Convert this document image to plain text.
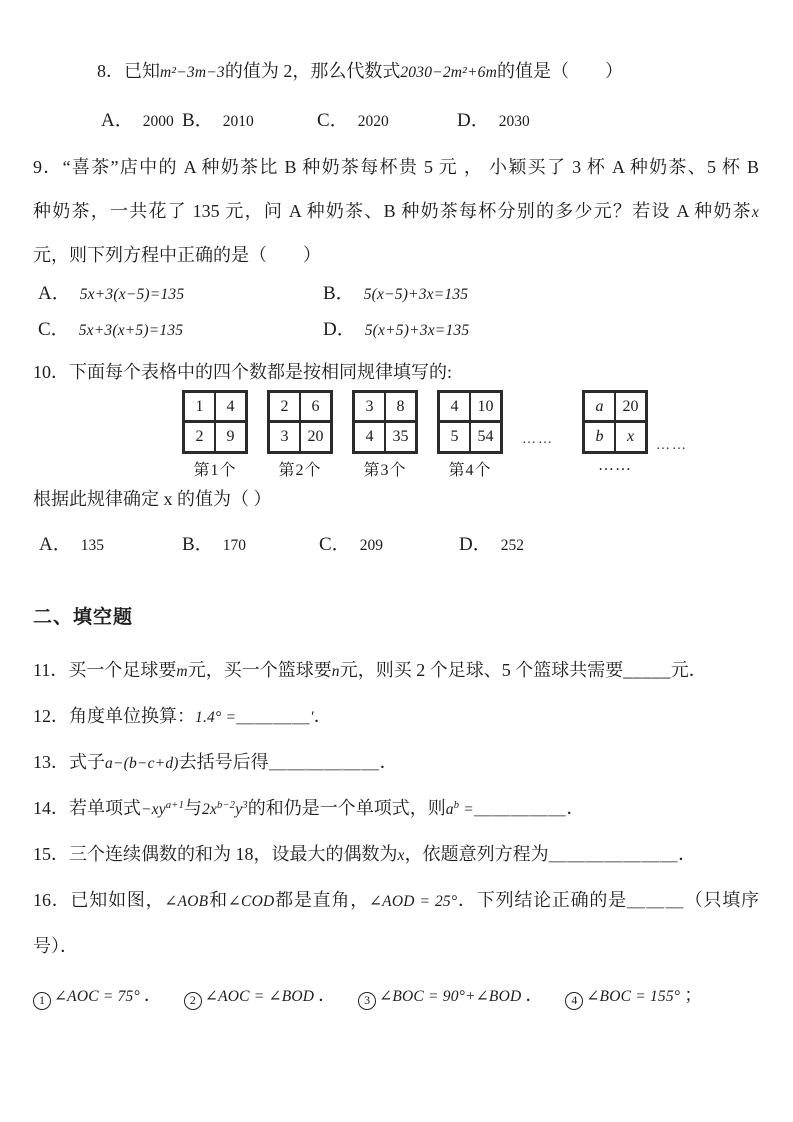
8．已知m²−3m−3的值为 2，那么代数式2030−2m²+6m的值是（　　）
A． 2000 B． 2010	C． 2020	D． 2030
9．“喜茶”店中的 A 种奶茶比 B 种奶茶每杯贵 5 元 ， 小颖买了 3 杯 A 种奶茶、5 杯 B
种奶茶，一共花了 135 元，问 A 种奶茶、B 种奶茶每杯分别的多少元？若设 A 种奶茶x
元，则下列方程中正确的是（　　）
A． 5x+3(x−5)=135	B． 5(x−5)+3x=135
C． 5x+3(x+5)=135	D． 5(x+5)+3x=135
10．下面每个表格中的四个数都是按相同规律填写的:
1	4
2	9
第1个
2	6
3	20
第2个
3	8
4	35
第3个
4	10
5	54
第4个
……
a	20
b	x
……
……
根据此规律确定 x 的值为（ ）
A． 135	B． 170	C． 209	D． 252
二、填空题
11．买一个足球要m元，买一个篮球要n元，则买 2 个足球、5 个篮球共需要_____元．
12．角度单位换算：1.4° =＿＿＿＿′．
13．式子a−(b−c+d)去括号后得＿＿＿＿＿＿．
14．若单项式$-xy^{a+1}$与$2x^{b-2}y^3$的和仍是一个单项式，则$a^b$ =＿＿＿＿＿．
15．三个连续偶数的和为 18，设最大的偶数为x，依题意列方程为＿＿＿＿＿＿＿．
16．已知如图，∠AOB和∠COD都是直角，∠AOD = 25°．下列结论正确的是＿＿＿（只填序
号）．
1 ∠AOC = 75° ．	2 ∠AOC = ∠BOD ．	3 ∠BOC = 90°+∠BOD ．	4 ∠BOC = 155° ；
